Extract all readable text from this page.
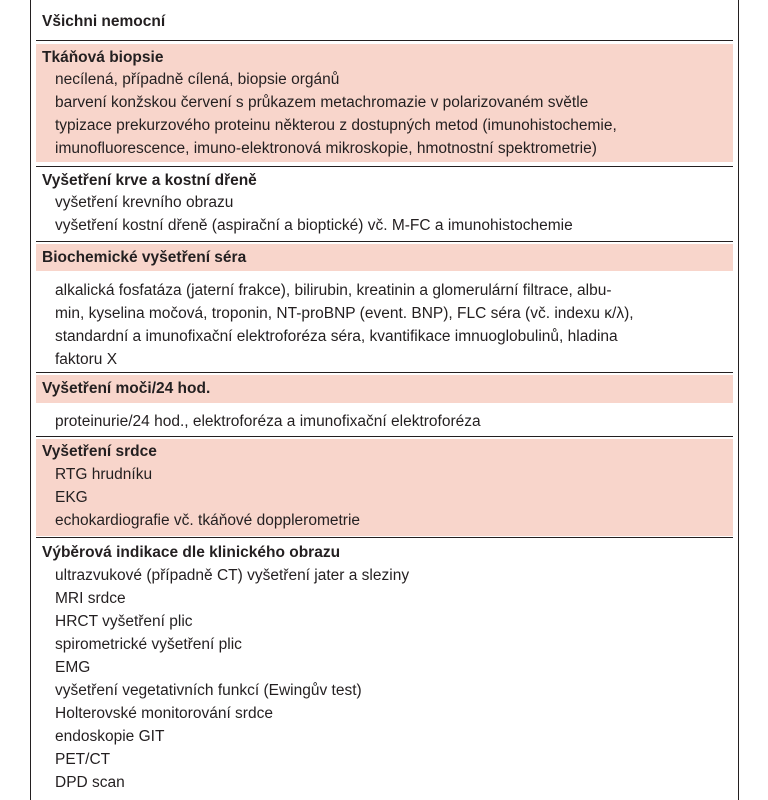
Všichni nemocní
Tkáňová biopsie
necílená, případně cílená, biopsie orgánů
barvení konžskou červení s průkazem metachromazie v polarizovaném světle
typizace prekurzového proteinu některou z dostupných metod (imunohistochemie,
imunofluorescence, imuno-elektronová mikroskopie, hmotnostní spektrometrie)
Vyšetření krve a kostní dřeně
vyšetření krevního obrazu
vyšetření kostní dřeně (aspirační a bioptické) vč. M-FC a imunohistochemie
Biochemické vyšetření séra
alkalická fosfatáza (jaterní frakce), bilirubin, kreatinin a glomerulární filtrace, albu-
min, kyselina močová, troponin, NT-proBNP (event. BNP), FLC séra (vč. indexu κ/λ),
standardní a imunofixační elektroforéza séra, kvantifikace imnuoglobulinů, hladina
faktoru X
Vyšetření moči/24 hod.
proteinurie/24 hod., elektroforéza a imunofixační elektroforéza
Vyšetření srdce
RTG hrudníku
EKG
echokardiografie vč. tkáňové dopplerometrie
Výběrová indikace dle klinického obrazu
ultrazvukové (případně CT) vyšetření jater a sleziny
MRI srdce
HRCT vyšetření plic
spirometrické vyšetření plic
EMG
vyšetření vegetativních funkcí (Ewingův test)
Holterovské monitorování srdce
endoskopie GIT
PET/CT
DPD scan
